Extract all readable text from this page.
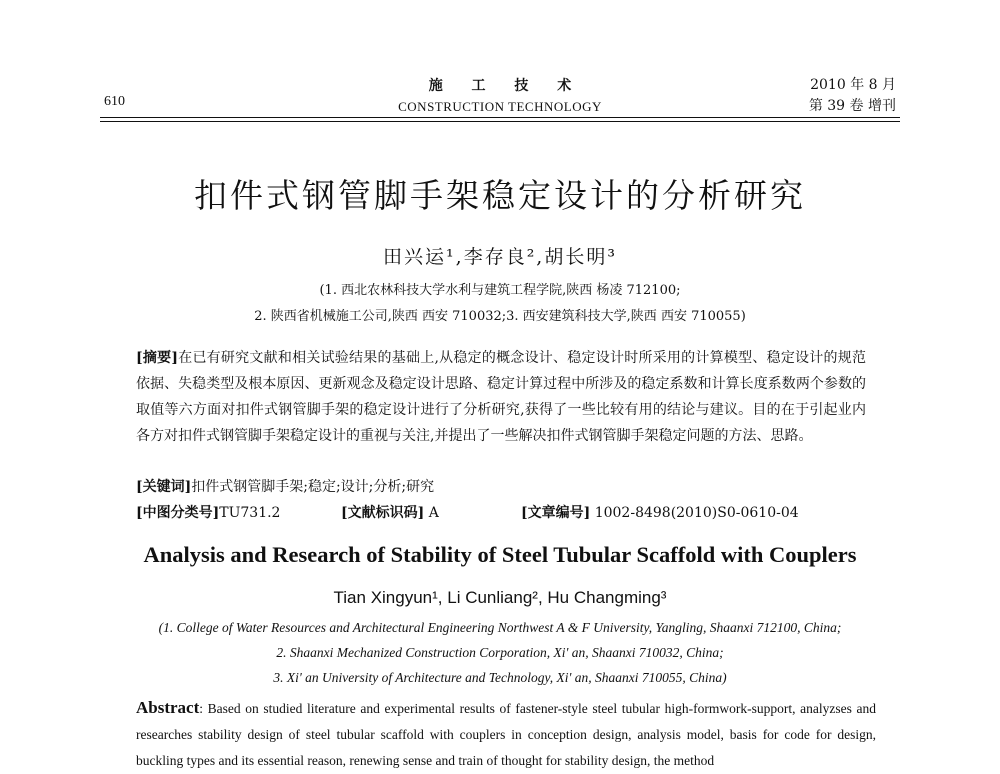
610
施 工 技 术
CONSTRUCTION TECHNOLOGY
2010 年 8 月
第 39 卷 增刊
扣件式钢管脚手架稳定设计的分析研究
田兴运¹,李存良²,胡长明³
(1. 西北农林科技大学水利与建筑工程学院,陕西 杨凌 712100;
2. 陕西省机械施工公司,陕西 西安 710032;3. 西安建筑科技大学,陕西 西安 710055)
[摘要]在已有研究文献和相关试验结果的基础上,从稳定的概念设计、稳定设计时所采用的计算模型、稳定设计的规范依据、失稳类型及根本原因、更新观念及稳定设计思路、稳定计算过程中所涉及的稳定系数和计算长度系数两个参数的取值等六方面对扣件式钢管脚手架的稳定设计进行了分析研究,获得了一些比较有用的结论与建议。目的在于引起业内各方对扣件式钢管脚手架稳定设计的重视与关注,并提出了一些解决扣件式钢管脚手架稳定问题的方法、思路。
[关键词]扣件式钢管脚手架;稳定;设计;分析;研究
[中图分类号]TU731.2	[文献标识码] A	[文章编号] 1002-8498(2010)S0-0610-04
Analysis and Research of Stability of Steel Tubular Scaffold with Couplers
Tian Xingyun¹, Li Cunliang², Hu Changming³
(1. College of Water Resources and Architectural Engineering Northwest A & F University, Yangling, Shaanxi 712100, China;
2. Shaanxi Mechanized Construction Corporation, Xi' an, Shaanxi 710032, China;
3. Xi' an University of Architecture and Technology, Xi' an, Shaanxi 710055, China)
Abstract: Based on studied literature and experimental results of fastener-style steel tubular high-formwork-support, analyzses and researches stability design of steel tubular scaffold with couplers in conception design, analysis model, basis for code for design, buckling types and its essential reason, renewing sense and train of thought for stability design, the method
